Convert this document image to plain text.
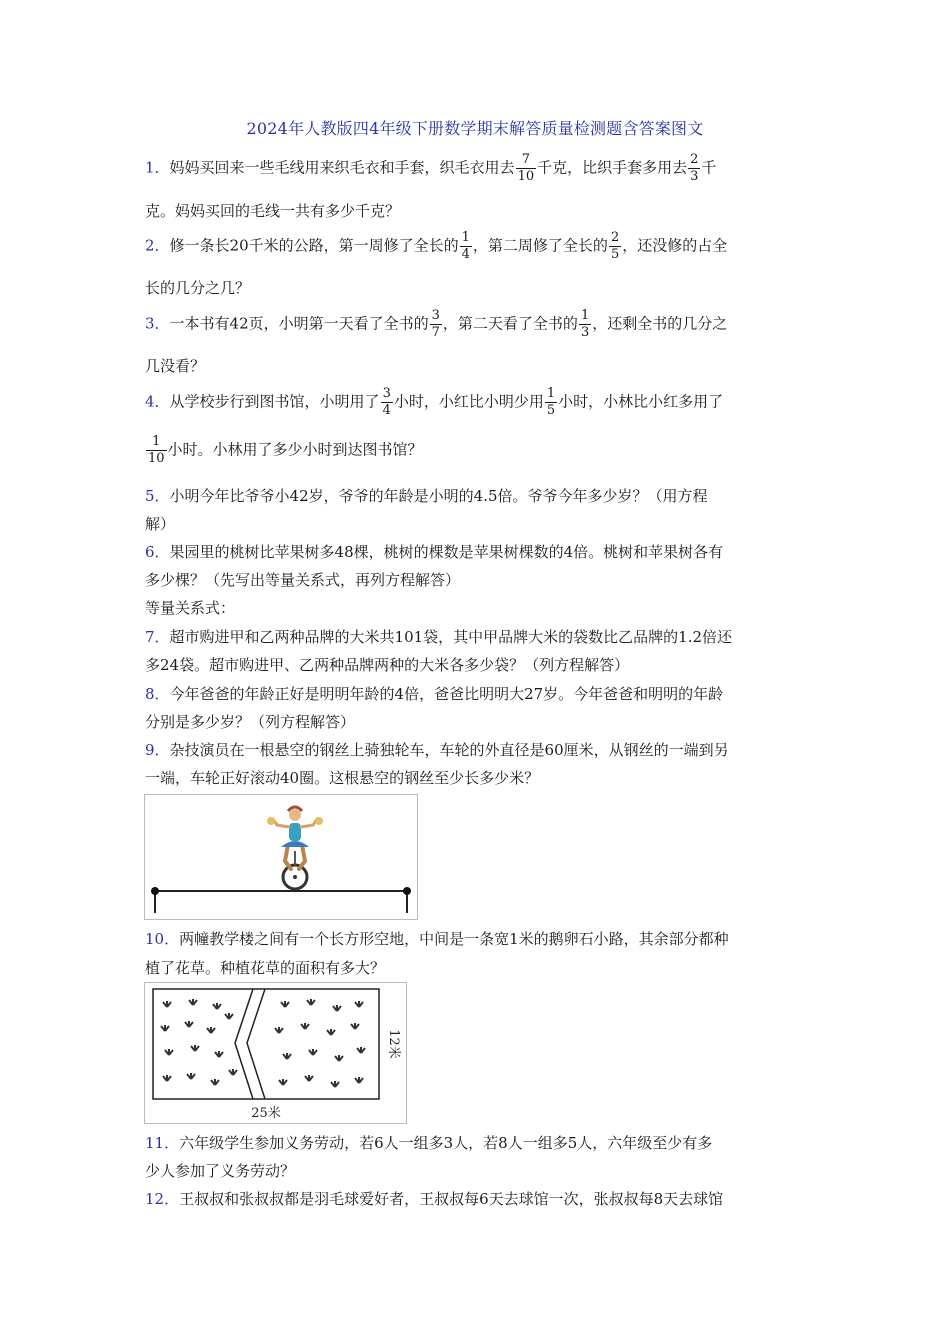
2024年人教版四4年级下册数学期末解答质量检测题含答案图文
1．妈妈买回来一些毛线用来织毛衣和手套，织毛衣用去 $\frac{7}{10}$ 千克，比织手套多用去 $\frac{2}{3}$ 千
克。妈妈买回的毛线一共有多少千克？
2．修一条长20千米的公路，第一周修了全长的 $\frac{1}{4}$ ，第二周修了全长的 $\frac{2}{5}$ ，还没修的占全
长的几分之几？
3．一本书有42页，小明第一天看了全书的 $\frac{3}{7}$ ，第二天看了全书的 $\frac{1}{3}$ ，还剩全书的几分之
几没看？
4．从学校步行到图书馆，小明用了 $\frac{3}{4}$ 小时，小红比小明少用 $\frac{1}{5}$ 小时，小林比小红多用了
$\frac{1}{10}$ 小时。小林用了多少小时到达图书馆？
5．小明今年比爷爷小42岁，爷爷的年龄是小明的4.5倍。爷爷今年多少岁？（用方程
解）
6．果园里的桃树比苹果树多48棵，桃树的棵数是苹果树棵数的4倍。桃树和苹果树各有
多少棵？（先写出等量关系式，再列方程解答）
等量关系式：
7．超市购进甲和乙两种品牌的大米共101袋，其中甲品牌大米的袋数比乙品牌的1.2倍还
多24袋。超市购进甲、乙两种品牌两种的大米各多少袋？（列方程解答）
8．今年爸爸的年龄正好是明明年龄的4倍，爸爸比明明大27岁。今年爸爸和明明的年龄
分别是多少岁？（列方程解答）
9．杂技演员在一根悬空的钢丝上骑独轮车，车轮的外直径是60厘米，从钢丝的一端到另
一端，车轮正好滚动40圈。这根悬空的钢丝至少长多少米？
10．两幢教学楼之间有一个长方形空地，中间是一条宽1米的鹅卵石小路，其余部分都种
植了花草。种植花草的面积有多大？
25米
12米
11．六年级学生参加义务劳动，若6人一组多3人，若8人一组多5人，六年级至少有多
少人参加了义务劳动？
12．王叔叔和张叔叔都是羽毛球爱好者，王叔叔每6天去球馆一次，张叔叔每8天去球馆
